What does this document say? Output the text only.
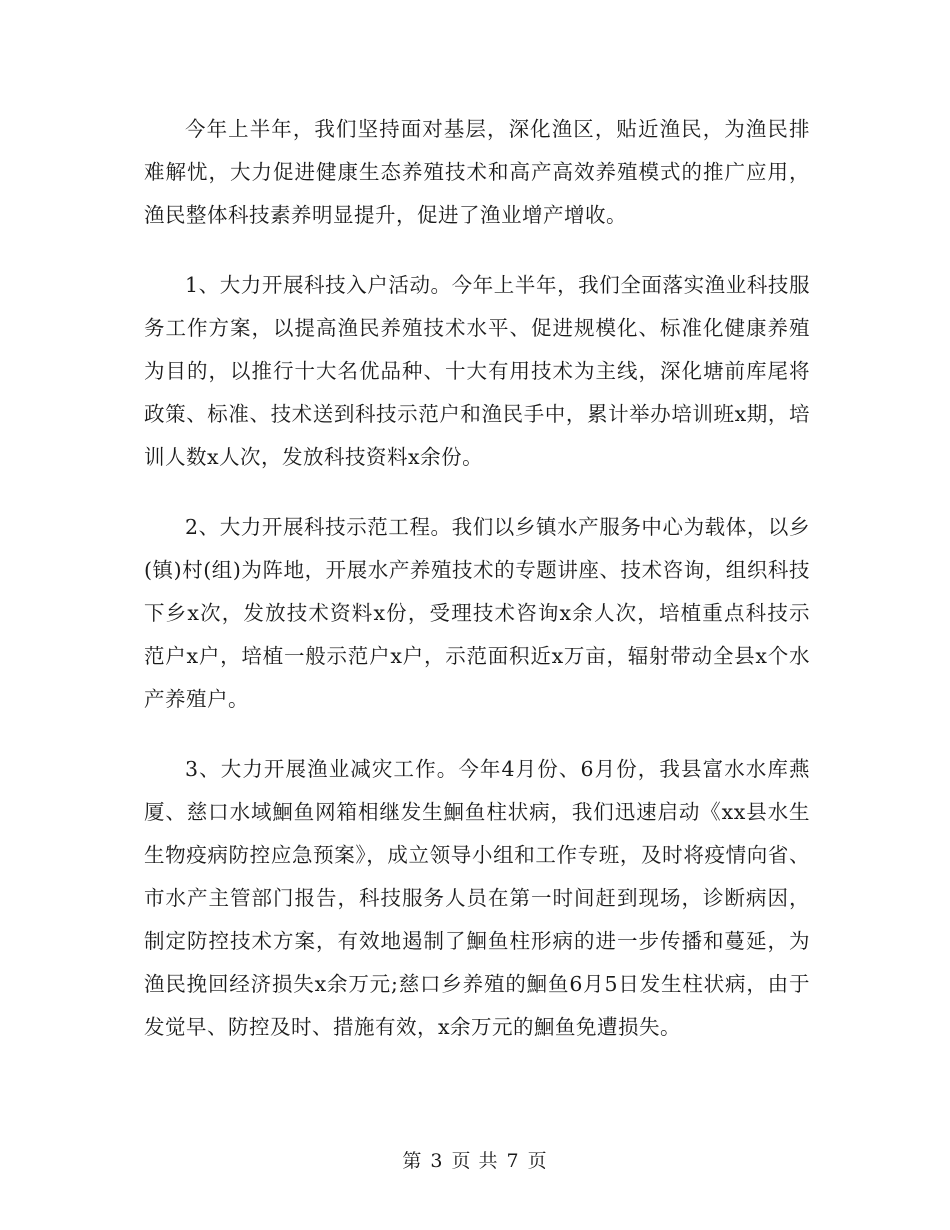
今年上半年，我们坚持面对基层，深化渔区，贴近渔民，为渔民排难解忧，大力促进健康生态养殖技术和高产高效养殖模式的推广应用，渔民整体科技素养明显提升，促进了渔业增产增收。

1、大力开展科技入户活动。今年上半年，我们全面落实渔业科技服务工作方案，以提高渔民养殖技术水平、促进规模化、标准化健康养殖为目的，以推行十大名优品种、十大有用技术为主线，深化塘前库尾将政策、标准、技术送到科技示范户和渔民手中，累计举办培训班x期，培训人数x人次，发放科技资料x余份。

2、大力开展科技示范工程。我们以乡镇水产服务中心为载体，以乡(镇)村(组)为阵地，开展水产养殖技术的专题讲座、技术咨询，组织科技下乡x次，发放技术资料x份，受理技术咨询x余人次，培植重点科技示范户x户，培植一般示范户x户，示范面积近x万亩，辐射带动全县x个水产养殖户。

3、大力开展渔业减灾工作。今年4月份、6月份，我县富水水库燕厦、慈口水域鮰鱼网箱相继发生鮰鱼柱状病，我们迅速启动《xx县水生生物疫病防控应急预案》，成立领导小组和工作专班，及时将疫情向省、市水产主管部门报告，科技服务人员在第一时间赶到现场，诊断病因，制定防控技术方案，有效地遏制了鮰鱼柱形病的进一步传播和蔓延，为渔民挽回经济损失x余万元;慈口乡养殖的鮰鱼6月5日发生柱状病，由于发觉早、防控及时、措施有效，x余万元的鮰鱼免遭损失。

第 3 页 共 7 页
